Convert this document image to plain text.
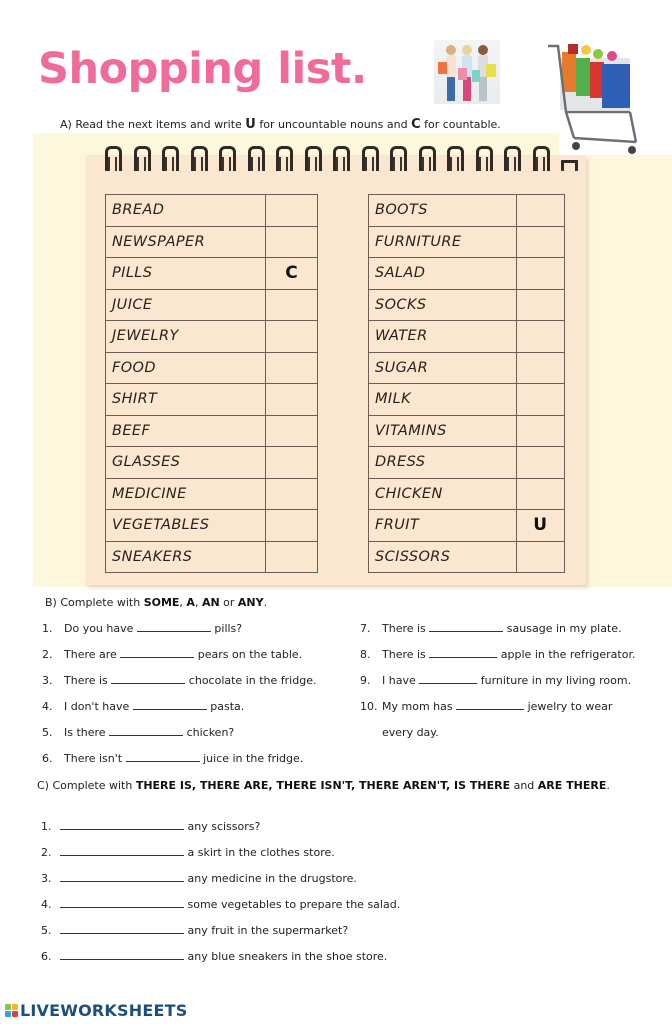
Shopping list.
A) Read the next items and write U for uncountable nouns and C for countable.
BREAD	
NEWSPAPER	
PILLS	C
JUICE	
JEWELRY	
FOOD	
SHIRT	
BEEF	
GLASSES	
MEDICINE	
VEGETABLES	
SNEAKERS	
BOOTS	
FURNITURE	
SALAD	
SOCKS	
WATER	
SUGAR	
MILK	
VITAMINS	
DRESS	
CHICKEN	
FRUIT	U
SCISSORS	
B) Complete with SOME, A, AN or ANY.
1. Do you have	pills?
2. There are	pears on the table.
3. There is	chocolate in the fridge.
4. I don't have	pasta.
5. Is there	chicken?
6. There isn't	juice in the fridge.
7. There is	sausage in my plate.
8. There is	apple in the refrigerator.
9. I have	furniture in my living room.
10. My mom has	jewelry to wear
every day.
C) Complete with THERE IS, THERE ARE, THERE ISN'T, THERE AREN'T, IS THERE and ARE THERE.
1.	any scissors?
2.	a skirt in the clothes store.
3.	any medicine in the drugstore.
4.	some vegetables to prepare the salad.
5.	any fruit in the supermarket?
6.	any blue sneakers in the shoe store.
LIVEWORKSHEETS
